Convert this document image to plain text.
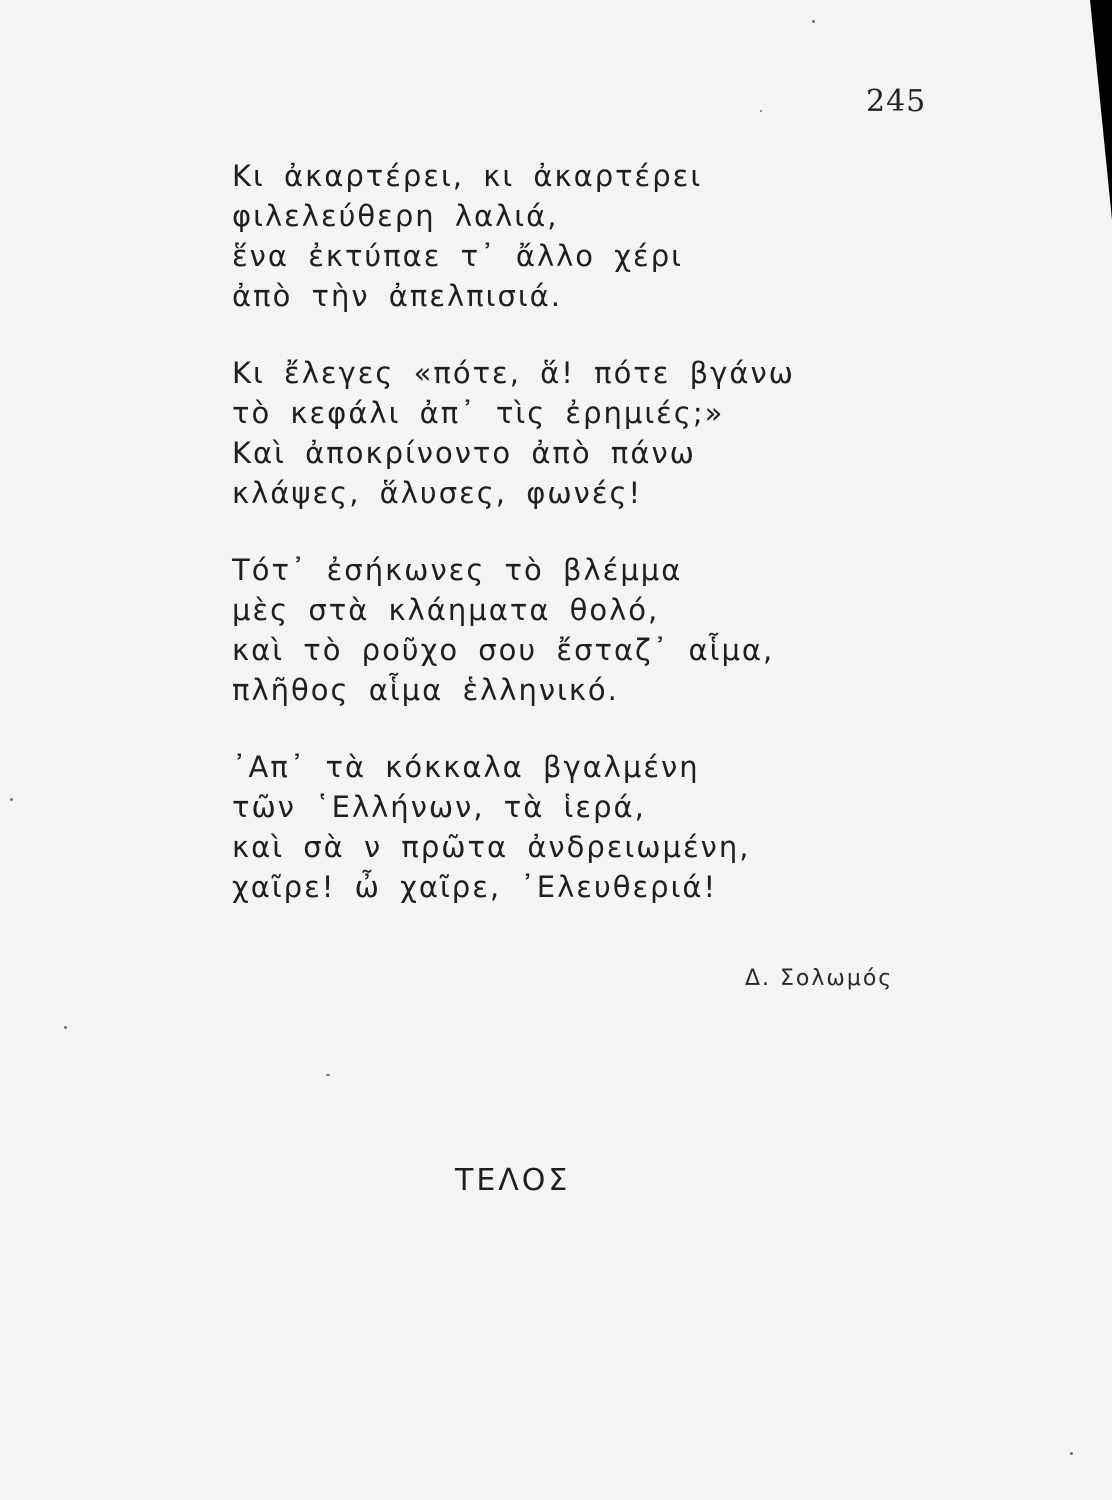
245
Κι ἀκαρτέρει, κι ἀκαρτέρει
φιλελεύθερη λαλιά,
ἕνα ἐκτύπαε τ᾽ ἄλλο χέρι
ἀπὸ τὴν ἀπελπισιά.
Κι ἔλεγες «πότε, ἅ! πότε βγάνω
τὸ κεφάλι ἀπ᾽ τὶς ἐρημιές;»
Καὶ ἀποκρίνοντο ἀπὸ πάνω
κλάψες, ἅλυσες, φωνές!
Τότ᾽ ἐσήκωνες τὸ βλέμμα
μὲς στὰ κλάηματα θολό,
καὶ τὸ ροῦχο σου ἔσταζ᾽ αἷμα,
πλῆθος αἷμα ἑλληνικό.
᾽Απ᾽ τὰ κόκκαλα βγαλμένη
τῶν ῾Ελλήνων, τὰ ἱερά,
καὶ σὰ ν πρῶτα ἀνδρειωμένη,
χαῖρε! ὦ χαῖρε, ᾽Ελευθεριά!
Δ. Σολωμός
ΤΕΛΟΣ
